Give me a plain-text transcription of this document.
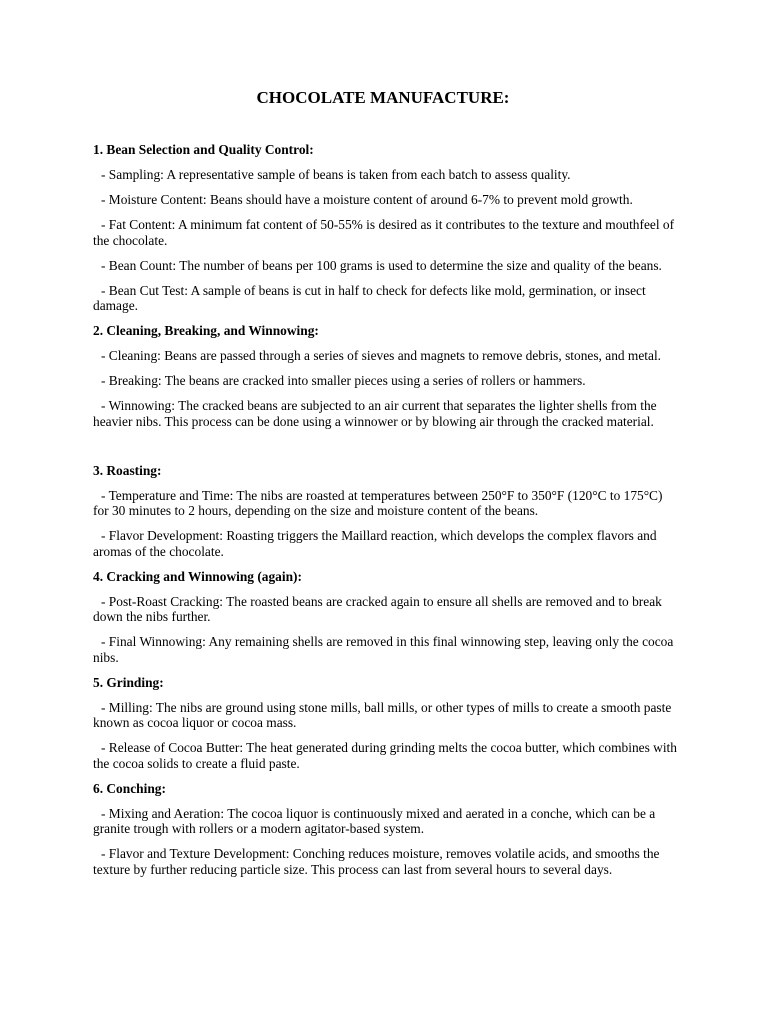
CHOCOLATE MANUFACTURE:

1. Bean Selection and Quality Control:

- Sampling: A representative sample of beans is taken from each batch to assess quality.

- Moisture Content: Beans should have a moisture content of around 6-7% to prevent mold growth.

- Fat Content: A minimum fat content of 50-55% is desired as it contributes to the texture and mouthfeel of the chocolate.

- Bean Count: The number of beans per 100 grams is used to determine the size and quality of the beans.

- Bean Cut Test: A sample of beans is cut in half to check for defects like mold, germination, or insect damage.

2. Cleaning, Breaking, and Winnowing:

- Cleaning: Beans are passed through a series of sieves and magnets to remove debris, stones, and metal.

- Breaking: The beans are cracked into smaller pieces using a series of rollers or hammers.

- Winnowing: The cracked beans are subjected to an air current that separates the lighter shells from the heavier nibs. This process can be done using a winnower or by blowing air through the cracked material.

3. Roasting:

- Temperature and Time: The nibs are roasted at temperatures between 250°F to 350°F (120°C to 175°C) for 30 minutes to 2 hours, depending on the size and moisture content of the beans.

- Flavor Development: Roasting triggers the Maillard reaction, which develops the complex flavors and aromas of the chocolate.

4. Cracking and Winnowing (again):

- Post-Roast Cracking: The roasted beans are cracked again to ensure all shells are removed and to break down the nibs further.

- Final Winnowing: Any remaining shells are removed in this final winnowing step, leaving only the cocoa nibs.

5. Grinding:

- Milling: The nibs are ground using stone mills, ball mills, or other types of mills to create a smooth paste known as cocoa liquor or cocoa mass.

- Release of Cocoa Butter: The heat generated during grinding melts the cocoa butter, which combines with the cocoa solids to create a fluid paste.

6. Conching:

- Mixing and Aeration: The cocoa liquor is continuously mixed and aerated in a conche, which can be a granite trough with rollers or a modern agitator-based system.

- Flavor and Texture Development: Conching reduces moisture, removes volatile acids, and smooths the texture by further reducing particle size. This process can last from several hours to several days.
